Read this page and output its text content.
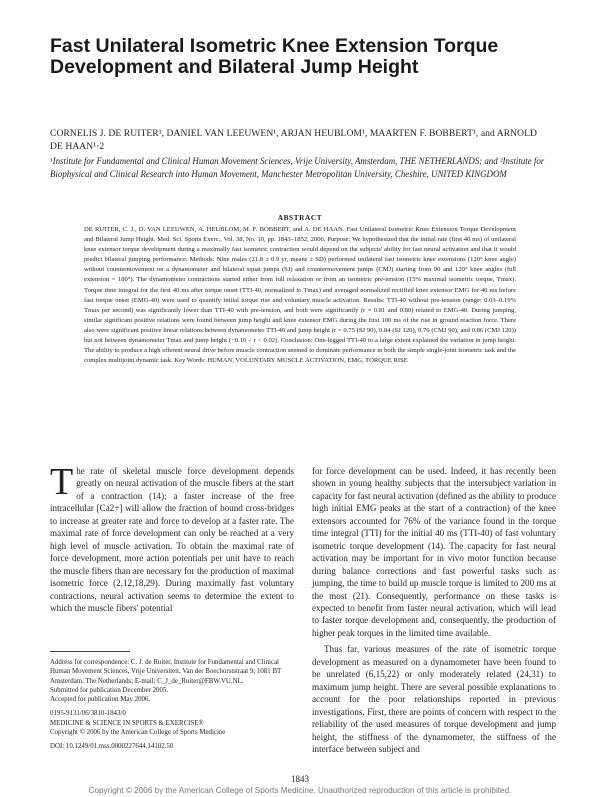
Fast Unilateral Isometric Knee Extension Torque Development and Bilateral Jump Height
CORNELIS J. DE RUITER¹, DANIEL VAN LEEUWEN¹, ARJAN HEUBLOM¹, MAARTEN F. BOBBERT¹, and ARNOLD DE HAAN¹·2
¹Institute for Fundamental and Clinical Human Movement Sciences, Vrije University, Amsterdam, THE NETHERLANDS; and ²Institute for Biophysical and Clinical Research into Human Movement, Manchester Metropolitan University, Cheshire, UNITED KINGDOM
ABSTRACT
DE RUITER, C. J., D. VAN LEEUWEN, A. HEUBLOM, M. F. BOBBERT, and A. DE HAAN. Fast Unilateral Isometric Knee Extension Torque Development and Bilateral Jump Height. Med. Sci. Sports Exerc., Vol. 38, No. 10, pp. 1843–1852, 2006. Purpose: We hypothesized that the initial rate (first 40 ms) of unilateral knee extensor torque development during a maximally fast isometric contraction would depend on the subjects' ability for fast neural activation and that it would predict bilateral jumping performance. Methods: Nine males (21.8 ± 0.9 yr, means ± SD) performed unilateral fast isometric knee extensions (120° knee angle) without countermovement on a dynamometer and bilateral squat jumps (SJ) and countermovement jumps (CMJ) starting from 90 and 120° knee angles (full extension = 180°). The dynamometer contractions started either from full relaxation or from an isometric pre-tension (15% maximal isometric torque, Tmax). Torque time integral for the first 40 ms after torque onset (TTI-40, normalized to Tmax) and averaged normalized rectified knee extensor EMG for 40 ms before fast torque onset (EMG-40) were used to quantify initial torque rise and voluntary muscle activation. Results: TTI-40 without pre-tension (range: 0.03–0.19% Tmax per second) was significantly lower than TTI-40 with pre-tension, and both were significantly (r = 0.81 and 0.80) related to EMG-40. During jumping, similar significant positive relations were found between jump height and knee extensor EMG during the first 100 ms of the rise in ground reaction force. There also were significant positive linear relations between dynamometer TTI-40 and jump height (r = 0.75 (SJ 90), 0.84 (SJ 120), 0.76 (CMJ 90), and 0.86 (CMJ 120)) but not between dynamometer Tmax and jump height (−0.16 < r < 0.02). Conclusion: One-legged TTI-40 to a large extent explained the variation in jump height. The ability to produce a high efferent neural drive before muscle contraction seemed to dominate performance in both the simple single-joint isometric task and the complex multijoint dynamic task. Key Words: HUMAN, VOLUNTARY MUSCLE ACTIVATION, EMG, TORQUE RISE
T he rate of skeletal muscle force development depends greatly on neural activation of the muscle fibers at the start of a contraction (14); a faster increase of the free intracellular [Ca2+] will allow the fraction of bound cross-bridges to increase at greater rate and force to develop at a faster rate. The maximal rate of force development can only be reached at a very high level of muscle activation. To obtain the maximal rate of force development, more action potentials per unit have to reach the muscle fibers than are necessary for the production of maximal isometric force (2,12,18,29). During maximally fast voluntary contractions, neural activation seems to determine the extent to which the muscle fibers' potential

for force development can be used. Indeed, it has recently been shown in young healthy subjects that the intersubject variation in capacity for fast neural activation (defined as the ability to produce high initial EMG peaks at the start of a contraction) of the knee extensors accounted for 76% of the variance found in the torque time integral (TTI) for the initial 40 ms (TTI-40) of fast voluntary isometric torque development (14). The capacity for fast neural activation may be important for in vivo motor function because during balance corrections and fast powerful tasks such as jumping, the time to build up muscle torque is limited to 200 ms at the most (21). Consequently, performance on these tasks is expected to benefit from faster neural activation, which will lead to faster torque development and, consequently, the production of higher peak torques in the limited time available.

Thus far, various measures of the rate of isometric torque development as measured on a dynamometer have been found to be unrelated (6,15,22) or only moderately related (24,31) to maximum jump height. There are several possible explanations to account for the poor relationships reported in previous investigations. First, there are points of concern with respect to the reliability of the used measures of torque development and jump height, the stiffness of the dynamometer, the stiffness of the interface between subject and

Address for correspondence: C. J. de Ruiter, Institute for Fundamental and Clinical Human Movement Sciences, Vrije Universiteit, Van der Boechorststraat 9; 1081 BT Amsterdam, The Netherlands; E-mail: C_J_de_Ruiter@FBW.VU.NL.
Submitted for publication December 2005.
Accepted for publication May 2006.
0195-9131/06/3810-1843/0
MEDICINE & SCIENCE IN SPORTS & EXERCISE®
Copyright © 2006 by the American College of Sports Medicine
DOI: 10.1249/01.mss.0000227644.14102.50
1843
Copyright © 2006 by the American College of Sports Medicine. Unauthorized reproduction of this article is prohibited.
